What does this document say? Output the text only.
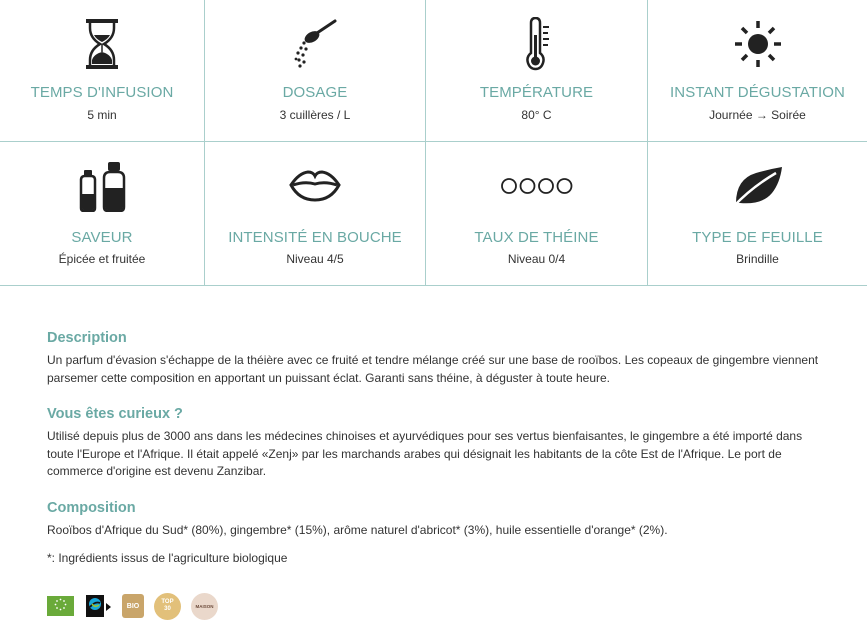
TEMPS D'INFUSION
5 min
DOSAGE
3 cuillères / L
TEMPÉRATURE
80° C
INSTANT DÉGUSTATION
Journée → Soirée
SAVEUR
Épicée et fruitée
INTENSITÉ EN BOUCHE
Niveau 4/5
TAUX DE THÉINE
Niveau 0/4
TYPE DE FEUILLE
Brindille

Description

Un parfum d'évasion s'échappe de la théière avec ce fruité et tendre mélange créé sur une base de rooïbos. Les copeaux de gingembre viennent parsemer cette composition en apportant un puissant éclat. Garanti sans théine, à déguster à toute heure.

Vous êtes curieux ?

Utilisé depuis plus de 3000 ans dans les médecines chinoises et ayurvédiques pour ses vertus bienfaisantes, le gingembre a été importé dans toute l'Europe et l'Afrique. Il était appelé «Zenj» par les marchands arabes qui désignait les habitants de la côte Est de l'Afrique. Le port de commerce d'origine est devenu Zanzibar.

Composition

Rooïbos d'Afrique du Sud* (80%), gingembre* (15%), arôme naturel d'abricot* (3%), huile essentielle d'orange* (2%).

*: Ingrédients issus de l'agriculture biologique

BIO
TOP 30	MAISON
